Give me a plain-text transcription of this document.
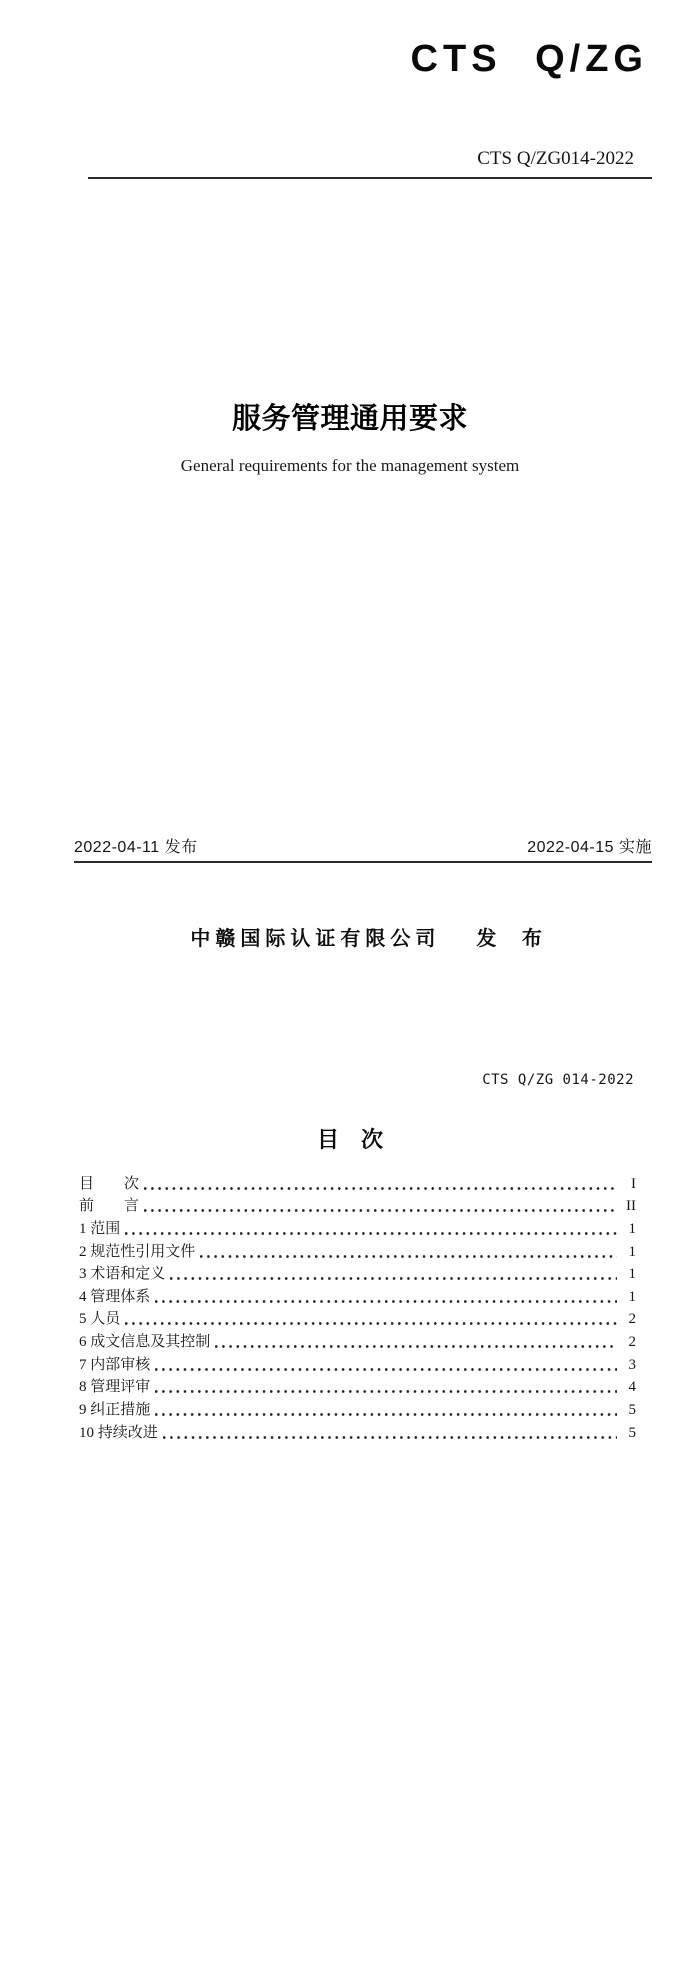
CTS Q/ZG
CTS Q/ZG014-2022
服务管理通用要求
General requirements for the management system
2022-04-11 发布	2022-04-15 实施

中赣国际认证有限公司 发 布

CTS Q/ZG 014-2022
目　次
目　　次	I
前　　言	II
1 范围	1
2 规范性引用文件	1
3 术语和定义	1
4 管理体系	1
5 人员	2
6 成文信息及其控制	2
7 内部审核	3
8 管理评审	4
9 纠正措施	5
10 持续改进	5
